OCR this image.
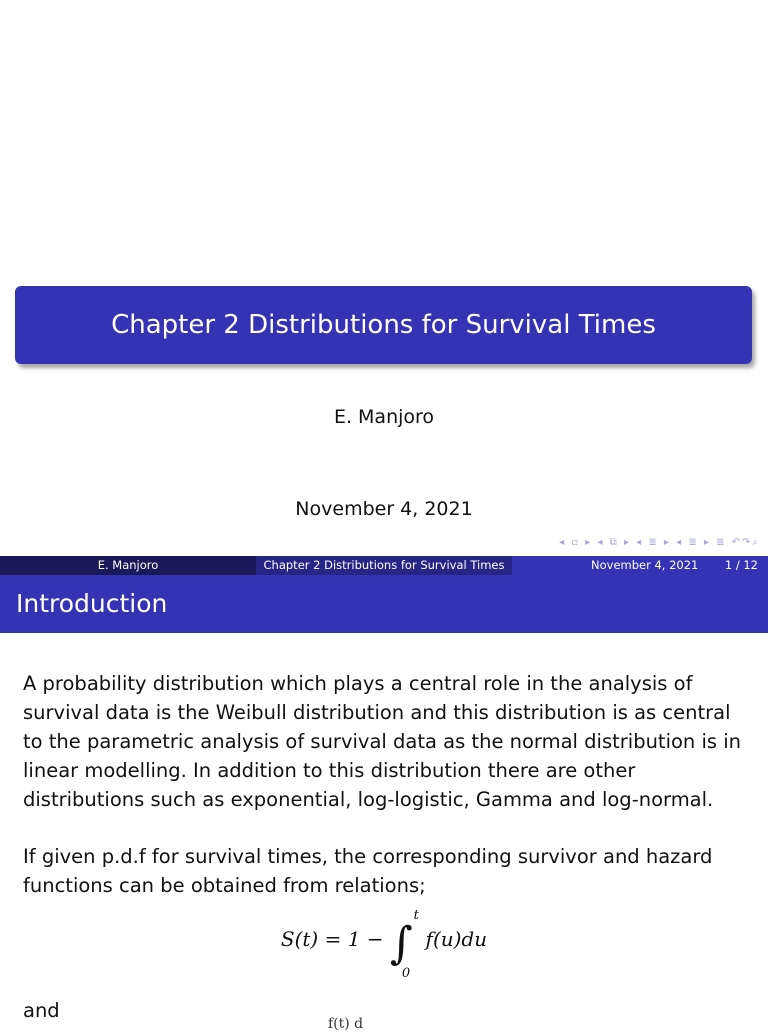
Chapter 2 Distributions for Survival Times
E. Manjoro
November 4, 2021
◂ ▫ ▸ ◂ ⧉ ▸ ◂ ≣ ▸ ◂ ≣ ▸ ≣ ↶↷⌕
E. Manjoro	Chapter 2 Distributions for Survival Times	November 4, 2021 1 / 12
Introduction
A probability distribution which plays a central role in the analysis of survival data is the Weibull distribution and this distribution is as central to the parametric analysis of survival data as the normal distribution is in linear modelling. In addition to this distribution there are other distributions such as exponential, log-logistic, Gamma and log-normal.
If given p.d.f for survival times, the corresponding survivor and hazard functions can be obtained from relations;
S(t) = 1 − ∫
t
0
f(u)du
and
f(t) d
